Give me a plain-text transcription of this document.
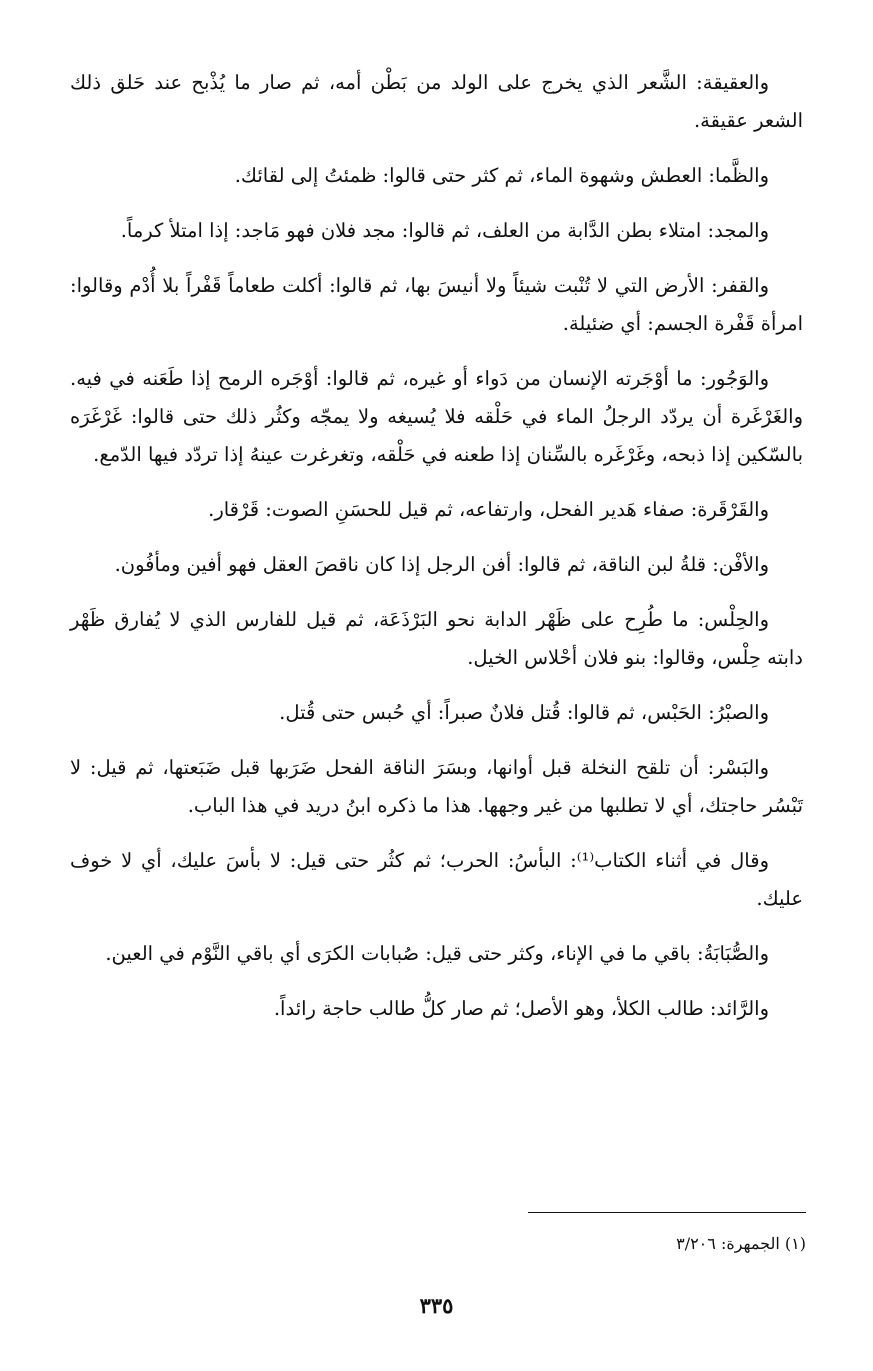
والعقيقة: الشَّعر الذي يخرج على الولد من بَطْن أمه، ثم صار ما يُذْبح عند حَلق ذلك الشعر عقيقة.

والظَّما: العطش وشهوة الماء، ثم كثر حتى قالوا: ظمئتُ إلى لقائك.

والمجد: امتلاء بطن الدَّابة من العلف، ثم قالوا: مجد فلان فهو مَاجد: إذا امتلأ كرماً.

والقفر: الأرض التي لا تُنْبت شيئاً ولا أنيسَ بها، ثم قالوا: أكلت طعاماً قَفْراً بلا أُدْم وقالوا: امرأة قَفْرة الجسم: أي ضئيلة.

والوَجُور: ما أوْجَرته الإنسان من دَواء أو غيره، ثم قالوا: أوْجَره الرمح إذا طَعَنه في فيه. والغَرْغَرة أن يردّد الرجلُ الماء في حَلْقه فلا يُسيغه ولا يمجّه وكثُر ذلك حتى قالوا: غَرْغَرَه بالسّكين إذا ذبحه، وغَرْغَره بالسِّنان إذا طعنه في حَلْقه، وتغرغرت عينهُ إذا تردّد فيها الدّمع.

والقَرْقَرة: صفاء هَدير الفحل، وارتفاعه، ثم قيل للحسَنِ الصوت: قَرْقار.

والأفْن: قلةُ لبن الناقة، ثم قالوا: أفن الرجل إذا كان ناقصَ العقل فهو أفين ومأفُون.

والحِلْس: ما طُرِح على ظَهْر الدابة نحو البَرْذَعَة، ثم قيل للفارس الذي لا يُفارق ظَهْر دابته حِلْس، وقالوا: بنو فلان أحْلاس الخيل.

والصبْرُ: الحَبْس، ثم قالوا: قُتل فلانٌ صبراً: أي حُبس حتى قُتل.

والبَسْر: أن تلقح النخلة قبل أوانها، وبسَرَ الناقة الفحل ضَرَبها قبل ضَبَعتها، ثم قيل: لا تَبْسُر حاجتك، أي لا تطلبها من غير وجهها. هذا ما ذكره ابنُ دريد في هذا الباب.

وقال في أثناء الكتاب⁽¹⁾: البأسُ: الحرب؛ ثم كثُر حتى قيل: لا بأسَ عليك، أي لا خوف عليك.

والصُّبَابَةُ: باقي ما في الإناء، وكثر حتى قيل: صُبابات الكرَى أي باقي النَّوْم في العين.

والرَّائد: طالب الكلأ، وهو الأصل؛ ثم صار كلُّ طالب حاجة رائداً.

(١) الجمهرة: ٣/٢٠٦
٣٣٥
